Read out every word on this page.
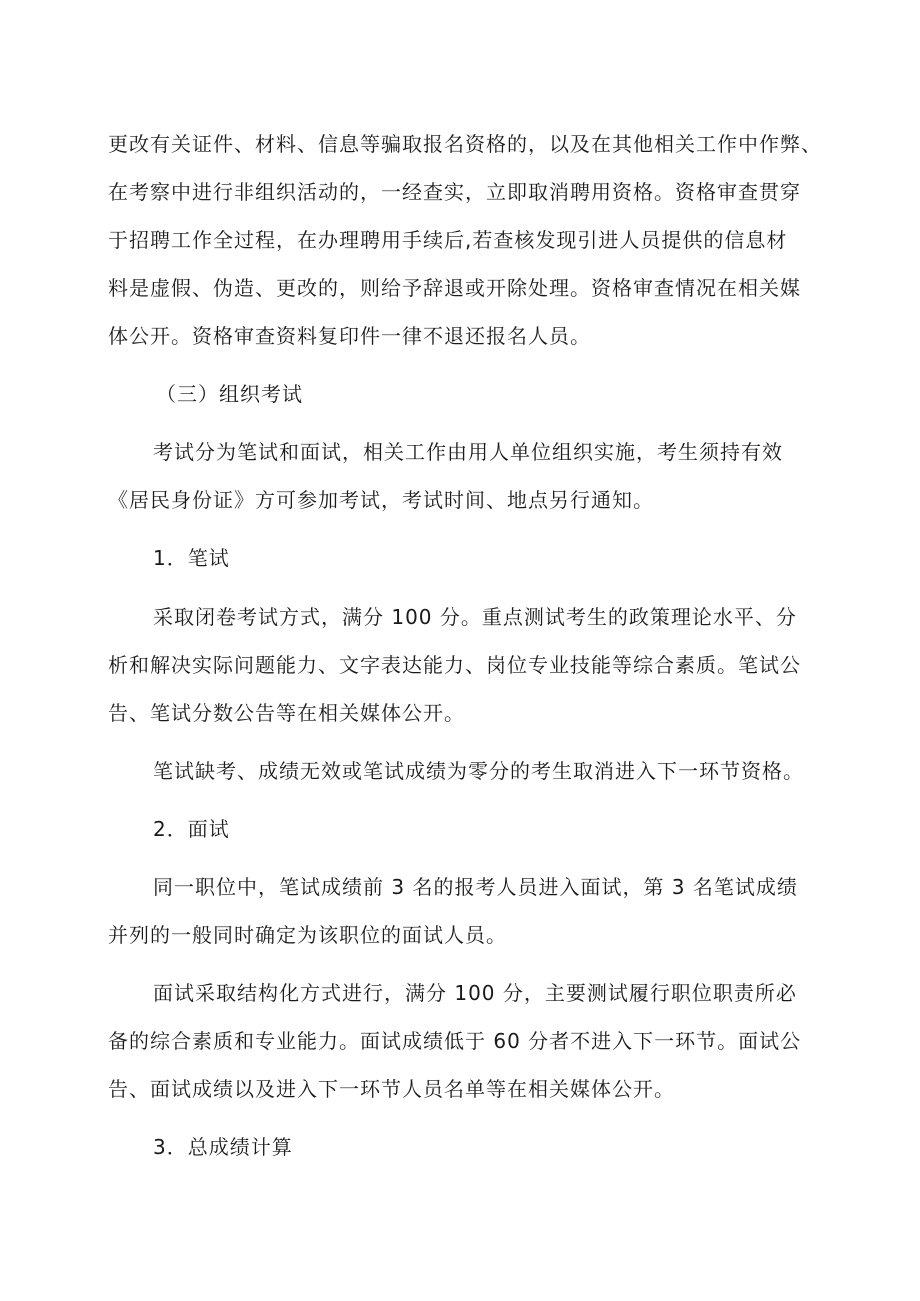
更改有关证件、材料、信息等骗取报名资格的，以及在其他相关工作中作弊、
在考察中进行非组织活动的，一经查实，立即取消聘用资格。资格审查贯穿
于招聘工作全过程，在办理聘用手续后,若查核发现引进人员提供的信息材
料是虚假、伪造、更改的，则给予辞退或开除处理。资格审查情况在相关媒
体公开。资格审查资料复印件一律不退还报名人员。
（三）组织考试
考试分为笔试和面试，相关工作由用人单位组织实施，考生须持有效
《居民身份证》方可参加考试，考试时间、地点另行通知。
1．笔试
采取闭卷考试方式，满分 100 分。重点测试考生的政策理论水平、分
析和解决实际问题能力、文字表达能力、岗位专业技能等综合素质。笔试公
告、笔试分数公告等在相关媒体公开。
笔试缺考、成绩无效或笔试成绩为零分的考生取消进入下一环节资格。
2．面试
同一职位中，笔试成绩前 3 名的报考人员进入面试，第 3 名笔试成绩
并列的一般同时确定为该职位的面试人员。
面试采取结构化方式进行，满分 100 分，主要测试履行职位职责所必
备的综合素质和专业能力。面试成绩低于 60 分者不进入下一环节。面试公
告、面试成绩以及进入下一环节人员名单等在相关媒体公开。
3．总成绩计算
